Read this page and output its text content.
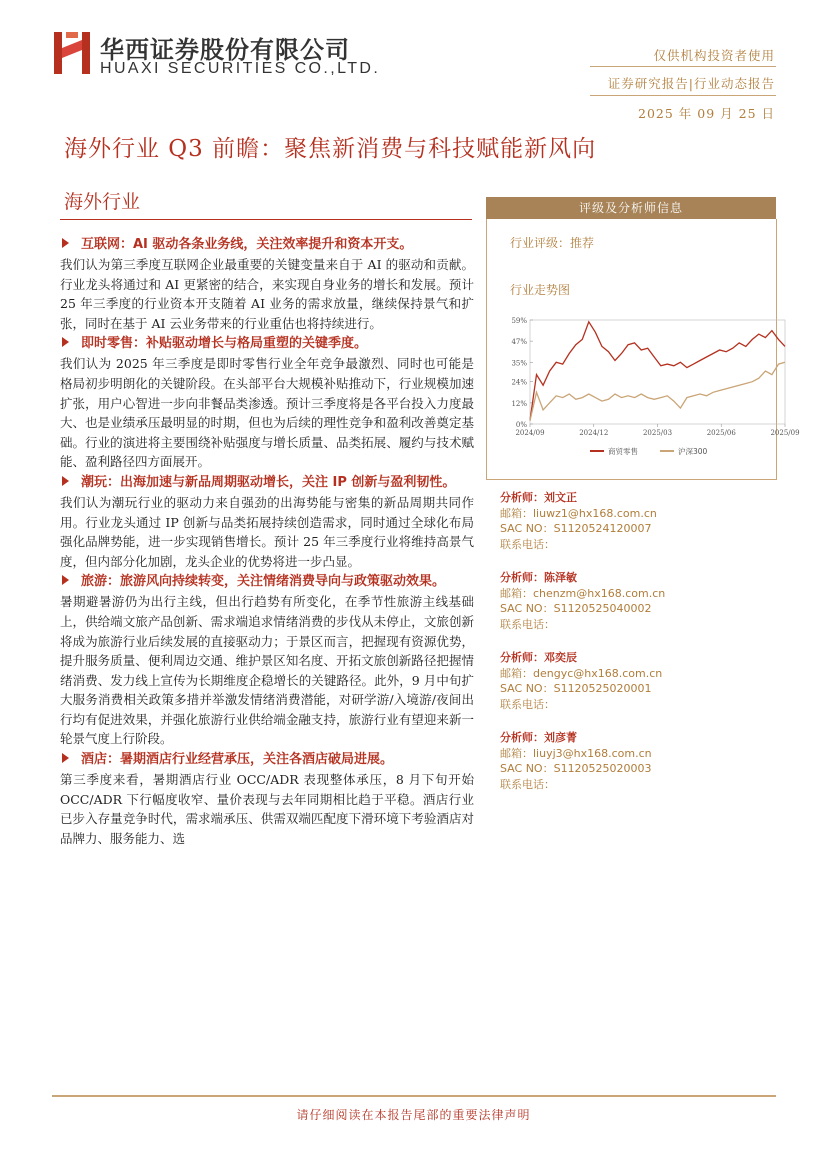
华西证券股份有限公司
HUAXI SECURITIES CO.,LTD.
仅供机构投资者使用
证券研究报告|行业动态报告
2025 年 09 月 25 日
海外行业 Q3 前瞻：聚焦新消费与科技赋能新风向
海外行业
互联网：AI 驱动各条业务线，关注效率提升和资本开支。

我们认为第三季度互联网企业最重要的关键变量来自于 AI 的驱动和贡献。行业龙头将通过和 AI 更紧密的结合，来实现自身业务的增长和发展。预计 25 年三季度的行业资本开支随着 AI 业务的需求放量，继续保持景气和扩张，同时在基于 AI 云业务带来的行业重估也将持续进行。

即时零售：补贴驱动增长与格局重塑的关键季度。

我们认为 2025 年三季度是即时零售行业全年竞争最激烈、同时也可能是格局初步明朗化的关键阶段。在头部平台大规模补贴推动下，行业规模加速扩张，用户心智进一步向非餐品类渗透。预计三季度将是各平台投入力度最大、也是业绩承压最明显的时期，但也为后续的理性竞争和盈利改善奠定基础。行业的演进将主要围绕补贴强度与增长质量、品类拓展、履约与技术赋能、盈利路径四方面展开。

潮玩：出海加速与新品周期驱动增长，关注 IP 创新与盈利韧性。

我们认为潮玩行业的驱动力来自强劲的出海势能与密集的新品周期共同作用。行业龙头通过 IP 创新与品类拓展持续创造需求，同时通过全球化布局强化品牌势能，进一步实现销售增长。预计 25 年三季度行业将维持高景气度，但内部分化加剧，龙头企业的优势将进一步凸显。

旅游：旅游风向持续转变，关注情绪消费导向与政策驱动效果。

暑期避暑游仍为出行主线，但出行趋势有所变化，在季节性旅游主线基础上，供给端文旅产品创新、需求端追求情绪消费的步伐从未停止，文旅创新将成为旅游行业后续发展的直接驱动力；于景区而言，把握现有资源优势，提升服务质量、便利周边交通、维护景区知名度、开拓文旅创新路径把握情绪消费、发力线上宣传为长期维度企稳增长的关键路径。此外，9 月中旬扩大服务消费相关政策多措并举激发情绪消费潜能，对研学游/入境游/夜间出行均有促进效果，并强化旅游行业供给端金融支持，旅游行业有望迎来新一轮景气度上行阶段。

酒店：暑期酒店行业经营承压，关注各酒店破局进展。

第三季度来看，暑期酒店行业 OCC/ADR 表现整体承压，8 月下旬开始 OCC/ADR 下行幅度收窄、量价表现与去年同期相比趋于平稳。酒店行业已步入存量竞争时代，需求端承压、供需双端匹配度下滑环境下考验酒店对品牌力、服务能力、选

评级及分析师信息
行业评级：推荐
行业走势图
0%
12%
24%
35%
47%
59%
2024/09	2024/12	2025/03	2025/06	2025/09
商贸零售	沪深300
分析师：刘文正
邮箱：liuwz1@hx168.com.cn
SAC NO：S1120524120007
联系电话：
分析师：陈泽敏
邮箱：chenzm@hx168.com.cn
SAC NO：S1120525040002
联系电话：
分析师：邓奕辰
邮箱：dengyc@hx168.com.cn
SAC NO：S1120525020001
联系电话：
分析师：刘彦菁
邮箱：liuyj3@hx168.com.cn
SAC NO：S1120525020003
联系电话：
请仔细阅读在本报告尾部的重要法律声明
